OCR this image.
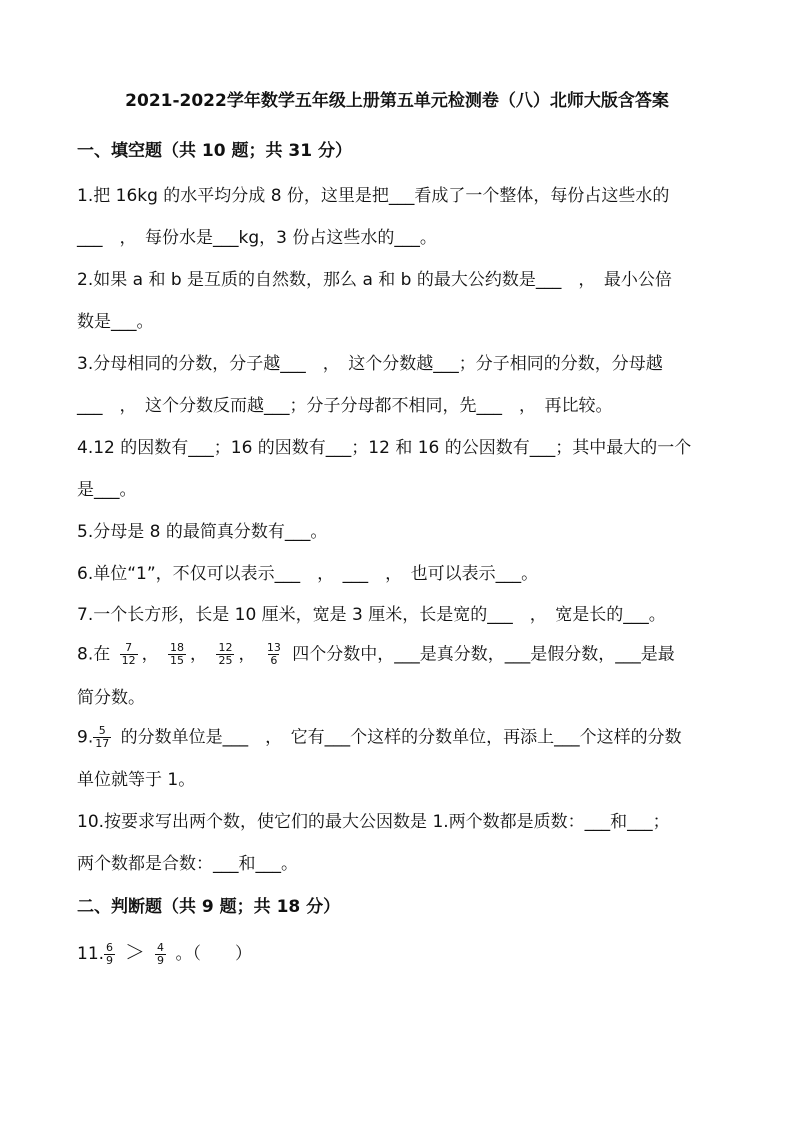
2021-2022学年数学五年级上册第五单元检测卷（八）北师大版含答案
一、填空题（共 10 题；共 31 分）
1.把 16kg 的水平均分成 8 份，这里是把___看成了一个整体，每份占这些水的
___　，　每份水是___kg，3 份占这些水的___。
2.如果 a 和 b 是互质的自然数，那么 a 和 b 的最大公约数是___　，　最小公倍
数是___。
3.分母相同的分数，分子越___　，　这个分数越___；分子相同的分数，分母越
___　，　这个分数反而越___；分子分母都不相同，先___　，　再比较。
4.12 的因数有___；16 的因数有___；12 和 16 的公因数有___；其中最大的一个
是___。
5.分母是 8 的最简真分数有___。
6.单位“1”，不仅可以表示___　，　___　，　也可以表示___。
7.一个长方形，长是 10 厘米，宽是 3 厘米，长是宽的___　，　宽是长的___。
8.在 $\frac{7}{12}$ ， $\frac{18}{15}$ ， $\frac{12}{25}$ ， $\frac{13}{6}$ 四个分数中，___是真分数，___是假分数，___是最
简分数。
9. $\frac{5}{17}$ 的分数单位是___　，　它有___个这样的分数单位，再添上___个这样的分数
单位就等于 1。
10.按要求写出两个数，使它们的最大公因数是 1.两个数都是质数：___和___；
两个数都是合数：___和___。
二、判断题（共 9 题；共 18 分）
11. $\frac{6}{9} > \frac{4}{9}$ 。（　　）
